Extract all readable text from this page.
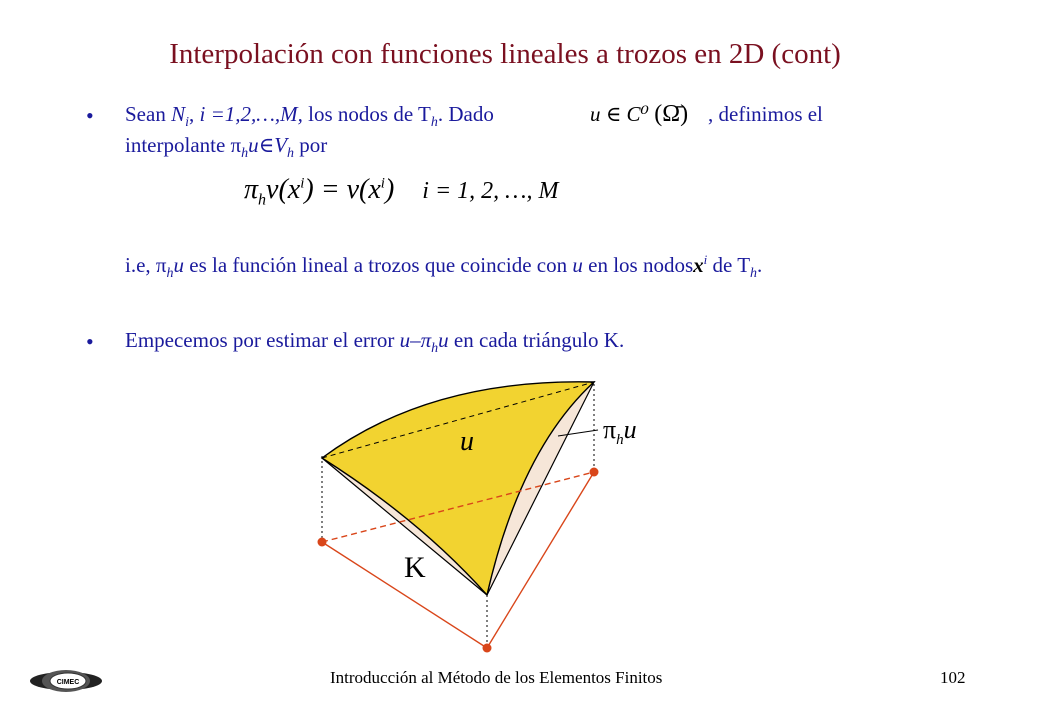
Interpolación con funciones lineales a trozos en 2D (cont)
• Sean $N_i$, i =1,2,…,M, los nodos de $T_h$. Dado	u ∈ C⁰ (Ω̄) , definimos el
interpolante $\pi_hu\in V_h$ por
$\pi_hv(x^i) = v(x^i) i = 1$, 2, …, M
i.e, $\pi_hu$ es la función lineal a trozos que coincide con u en los nodosx$^i$ de $T_h$.
• Empecemos por estimar el error $u-\pi_hu$ en cada triángulo K.
u	$\pi_hu$
K
CIMEC	Introducción al Método de los Elementos Finitos	102
